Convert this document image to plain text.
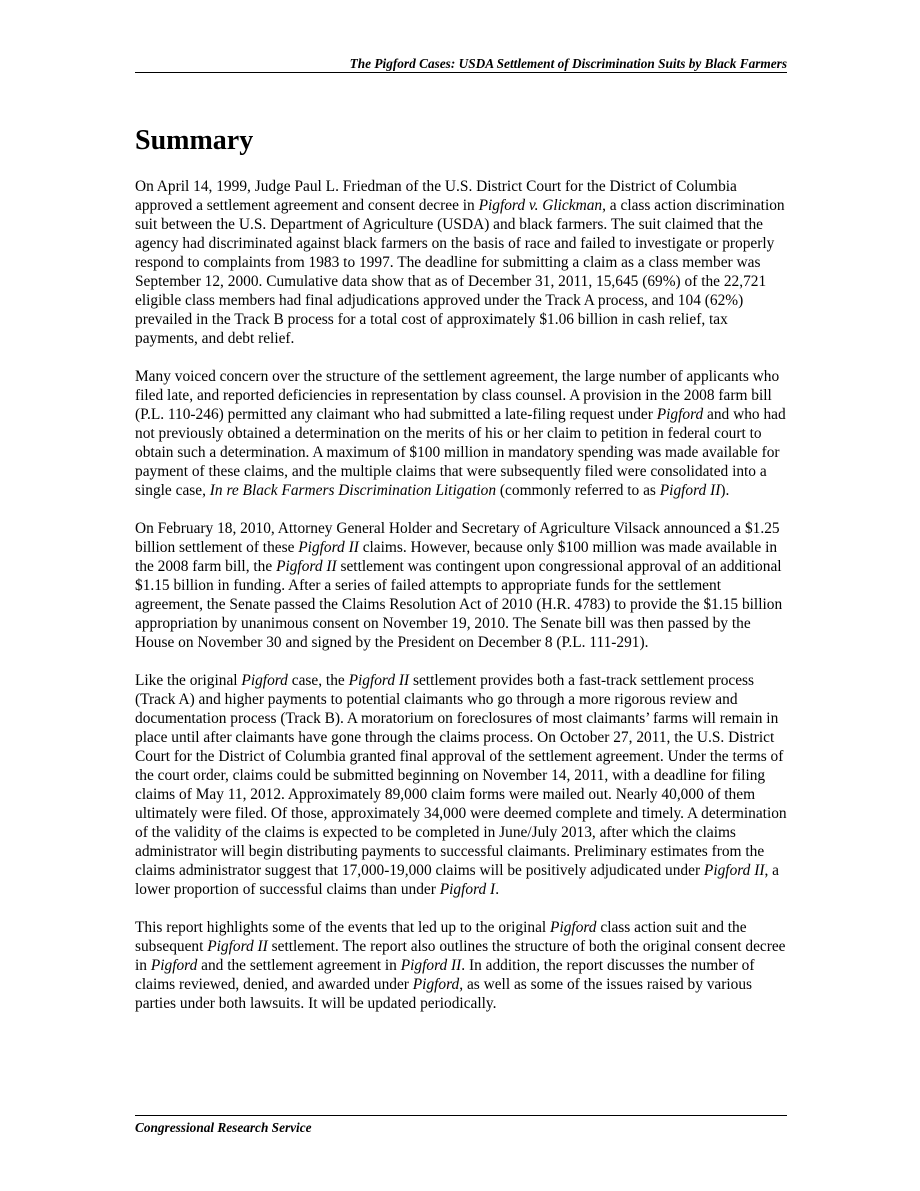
The Pigford Cases: USDA Settlement of Discrimination Suits by Black Farmers
Summary

On April 14, 1999, Judge Paul L. Friedman of the U.S. District Court for the District of Columbia approved a settlement agreement and consent decree in Pigford v. Glickman, a class action discrimination suit between the U.S. Department of Agriculture (USDA) and black farmers. The suit claimed that the agency had discriminated against black farmers on the basis of race and failed to investigate or properly respond to complaints from 1983 to 1997. The deadline for submitting a claim as a class member was September 12, 2000. Cumulative data show that as of December 31, 2011, 15,645 (69%) of the 22,721 eligible class members had final adjudications approved under the Track A process, and 104 (62%) prevailed in the Track B process for a total cost of approximately $1.06 billion in cash relief, tax payments, and debt relief.

Many voiced concern over the structure of the settlement agreement, the large number of applicants who filed late, and reported deficiencies in representation by class counsel. A provision in the 2008 farm bill (P.L. 110-246) permitted any claimant who had submitted a late-filing request under Pigford and who had not previously obtained a determination on the merits of his or her claim to petition in federal court to obtain such a determination. A maximum of $100 million in mandatory spending was made available for payment of these claims, and the multiple claims that were subsequently filed were consolidated into a single case, In re Black Farmers Discrimination Litigation (commonly referred to as Pigford II).

On February 18, 2010, Attorney General Holder and Secretary of Agriculture Vilsack announced a $1.25 billion settlement of these Pigford II claims. However, because only $100 million was made available in the 2008 farm bill, the Pigford II settlement was contingent upon congressional approval of an additional $1.15 billion in funding. After a series of failed attempts to appropriate funds for the settlement agreement, the Senate passed the Claims Resolution Act of 2010 (H.R. 4783) to provide the $1.15 billion appropriation by unanimous consent on November 19, 2010. The Senate bill was then passed by the House on November 30 and signed by the President on December 8 (P.L. 111-291).

Like the original Pigford case, the Pigford II settlement provides both a fast-track settlement process (Track A) and higher payments to potential claimants who go through a more rigorous review and documentation process (Track B). A moratorium on foreclosures of most claimants’ farms will remain in place until after claimants have gone through the claims process. On October 27, 2011, the U.S. District Court for the District of Columbia granted final approval of the settlement agreement. Under the terms of the court order, claims could be submitted beginning on November 14, 2011, with a deadline for filing claims of May 11, 2012. Approximately 89,000 claim forms were mailed out. Nearly 40,000 of them ultimately were filed. Of those, approximately 34,000 were deemed complete and timely. A determination of the validity of the claims is expected to be completed in June/July 2013, after which the claims administrator will begin distributing payments to successful claimants. Preliminary estimates from the claims administrator suggest that 17,000-19,000 claims will be positively adjudicated under Pigford II, a lower proportion of successful claims than under Pigford I.

This report highlights some of the events that led up to the original Pigford class action suit and the subsequent Pigford II settlement. The report also outlines the structure of both the original consent decree in Pigford and the settlement agreement in Pigford II. In addition, the report discusses the number of claims reviewed, denied, and awarded under Pigford, as well as some of the issues raised by various parties under both lawsuits. It will be updated periodically.

Congressional Research Service
